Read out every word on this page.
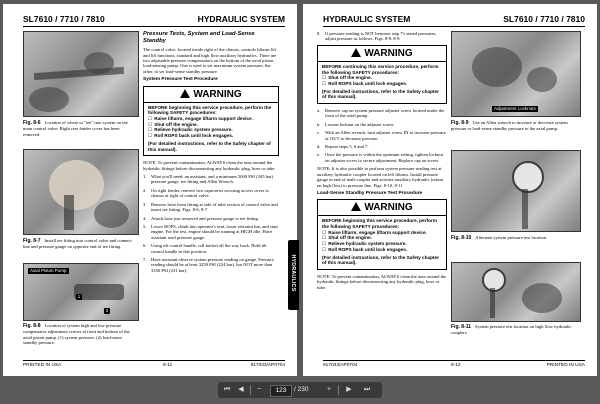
SL7610 / 7710 / 7810	HYDRAULIC SYSTEM
Fig. 8-6 Location of where to "tee" into system on the main control valve. Right rear fender cover has been removed.
Fig. 8-7 Install tee fitting into control valve and connect line and pressure gauge on opposite end of tee fitting.
Axial Piston Pump
1
2
Fig. 8-8 Location of system high and low pressure compensator adjustment screws at front and bottom of the axial piston pump. (1) system pressure, (2) load-sense standby pressure.
Pressure Tests, System and Load-Sense Standby

The control valve, located inside right of the chassis, controls liftarm lift and lift functions, standard and high flow auxiliary hydraulics. There are two adjustable pressure compensators on the bottom of the axial piston load-sensing pump. One is used to set maximum system pressure, the other, to set load-sense standby pressure.

System Pressure Test Procedure
WARNING
BEFORE beginning this service procedure, perform the following SAFETY procedures:
☐ Raise liftarm, engage liftarm support device.
☐ Shut off the engine.
☐ Relieve hydraulic system pressure.
☐ Roll ROPS back until lock engages.
(For detailed instructions, refer to the Safety chapter of this manual).

NOTE: To prevent contamination, ALWAYS clean the area around the hydraulic fittings before disconnecting any hydraulic plug, hose or tube.

1. What you'll need: an assistant, and a minimum 5000 PSI (345 bar) pressure gauge, tee fitting and Allen Wrench.
2. On right fender, remove two capscrews securing access cover to chassis at right of control valve.
3. Remove hose from fitting at side of inlet section of control valve and insert tee fitting. Figs. 8-6, 8-7
4. Attach hose just removed and pressure gauge to tee fitting.
5. Lower ROPS, climb into operator's seat, lower restraint bar, and start engine. For the test, engine should be running at HIGH idle. Have assistant read pressure gauge.
6. Using tilt control handle, roll bucket all the way back. Hold tilt control handle in this position.
7. Have assistant observe system pressure reading on gauge. Pressure reading should be at least 3250 PSI (224 bar), but NOT more than 3350 PSI (231 bar).
PRINTED IN USA	8-11	917033/AP0704
HYDRAULICS
HYDRAULIC SYSTEM	SL7610 / 7710 / 7810
8. If pressure reading is NOT between step 7's stated pressures, adjust pressure as follows. Figs. 8-8, 8-9.
WARNING
BEFORE continuing this service procedure, perform the following SAFETY procedures:
☐ Shut off the engine.
☐ Roll ROPS back until lock engages.
(For detailed instructions, refer to the Safety chapter of this manual).
a.	Remove cap on system pressure adjuster screw located under the front of the axial pump.
b. Loosen locknut on the adjuster screw.
c.	With an Allen wrench, turn adjuster screw IN to increase pressure or OUT to decrease pressure.
d. Repeat steps 5, 6 and 7.
e.	Once the pressure is within the optimum setting, tighten locknut on adjuster screw to secure adjustment. Replace cap on screw.

NOTE: It is also possible to perform system pressure reading test at auxiliary hydraulic coupler located on left liftarm. Install pressure gauge in end of male coupler and activate auxiliary hydraulic (return on high flow) to pressure line. Figs. 8-10, 8-11

Load-Sense Standby Pressure Test Procedure
WARNING
BEFORE beginning this service procedure, perform the following SAFETY procedures:
☐ Raise liftarm, engage liftarm support device.
☐ Shut off the engine.
☐ Relieve hydraulic system pressure.
☐ Roll ROPS back until lock engages.
(For detailed instructions, refer to the Safety chapter of this manual).

NOTE: To prevent contamination, ALWAYS clean the area around the hydraulic fittings before disconnecting any hydraulic plug, hose or tube.

Adjustment Locknuts
Fig. 8-9 Use an Allen wrench to increase or decrease system pressure or load-sense standby pressure to the axial pump.
Fig. 8-10 Alternate system pressure test location.
Fig. 8-11 System pressure test location on high flow hydraulic couplers.
917033/AP0704	8-12	PRINTED IN USA
⏮	◀	−	123	/ 230	+	▶	⏭
